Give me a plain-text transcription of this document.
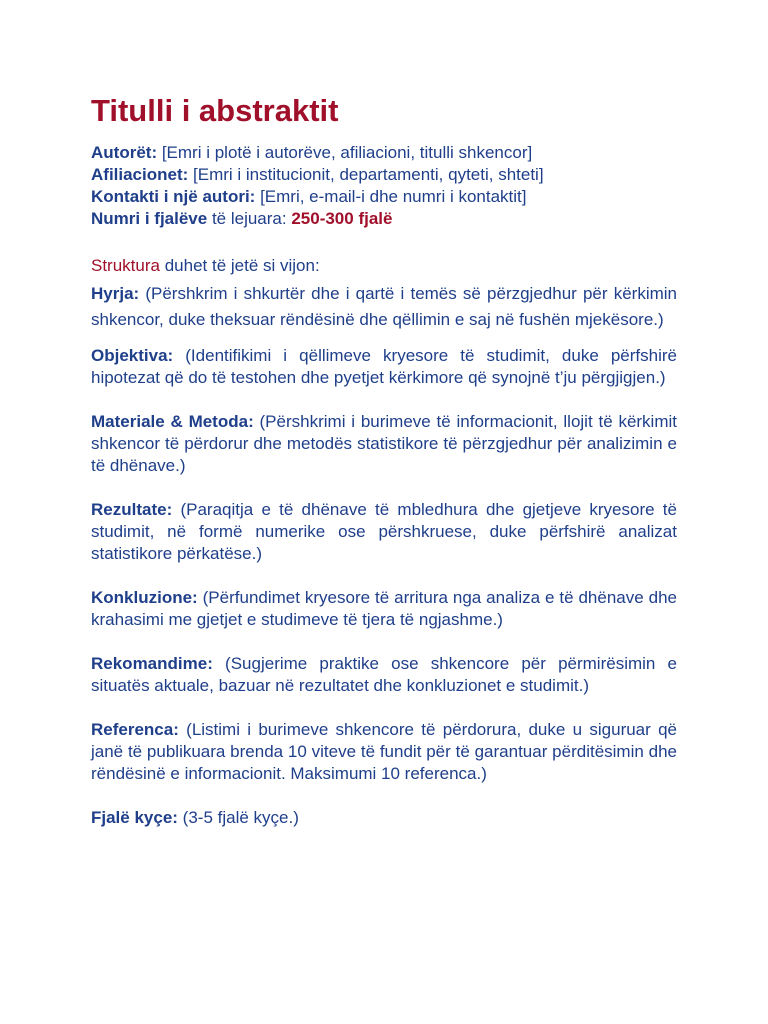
Titulli i abstraktit

Autorët: [Emri i plotë i autorëve, afiliacioni, titulli shkencor]

Afiliacionet: [Emri i institucionit, departamenti, qyteti, shteti]

Kontakti i një autori: [Emri, e-mail-i dhe numri i kontaktit]

Numri i fjalëve të lejuara: 250-300 fjalë

Struktura duhet të jetë si vijon:

Hyrja: (Përshkrim i shkurtër dhe i qartë i temës së përzgjedhur për kërkimin shkencor, duke theksuar rëndësinë dhe qëllimin e saj në fushën mjekësore.)

Objektiva: (Identifikimi i qëllimeve kryesore të studimit, duke përfshirë hipotezat që do të testohen dhe pyetjet kërkimore që synojnë t’ju përgjigjen.)

Materiale & Metoda: (Përshkrimi i burimeve të informacionit, llojit të kërkimit shkencor të përdorur dhe metodës statistikore të përzgjedhur për analizimin e të dhënave.)

Rezultate: (Paraqitja e të dhënave të mbledhura dhe gjetjeve kryesore të studimit, në formë numerike ose përshkruese, duke përfshirë analizat statistikore përkatëse.)

Konkluzione: (Përfundimet kryesore të arritura nga analiza e të dhënave dhe krahasimi me gjetjet e studimeve të tjera të ngjashme.)

Rekomandime: (Sugjerime praktike ose shkencore për përmirësimin e situatës aktuale, bazuar në rezultatet dhe konkluzionet e studimit.)

Referenca: (Listimi i burimeve shkencore të përdorura, duke u siguruar që janë të publikuara brenda 10 viteve të fundit për të garantuar përditësimin dhe rëndësinë e informacionit. Maksimumi 10 referenca.)

Fjalë kyçe: (3-5 fjalë kyçe.)
